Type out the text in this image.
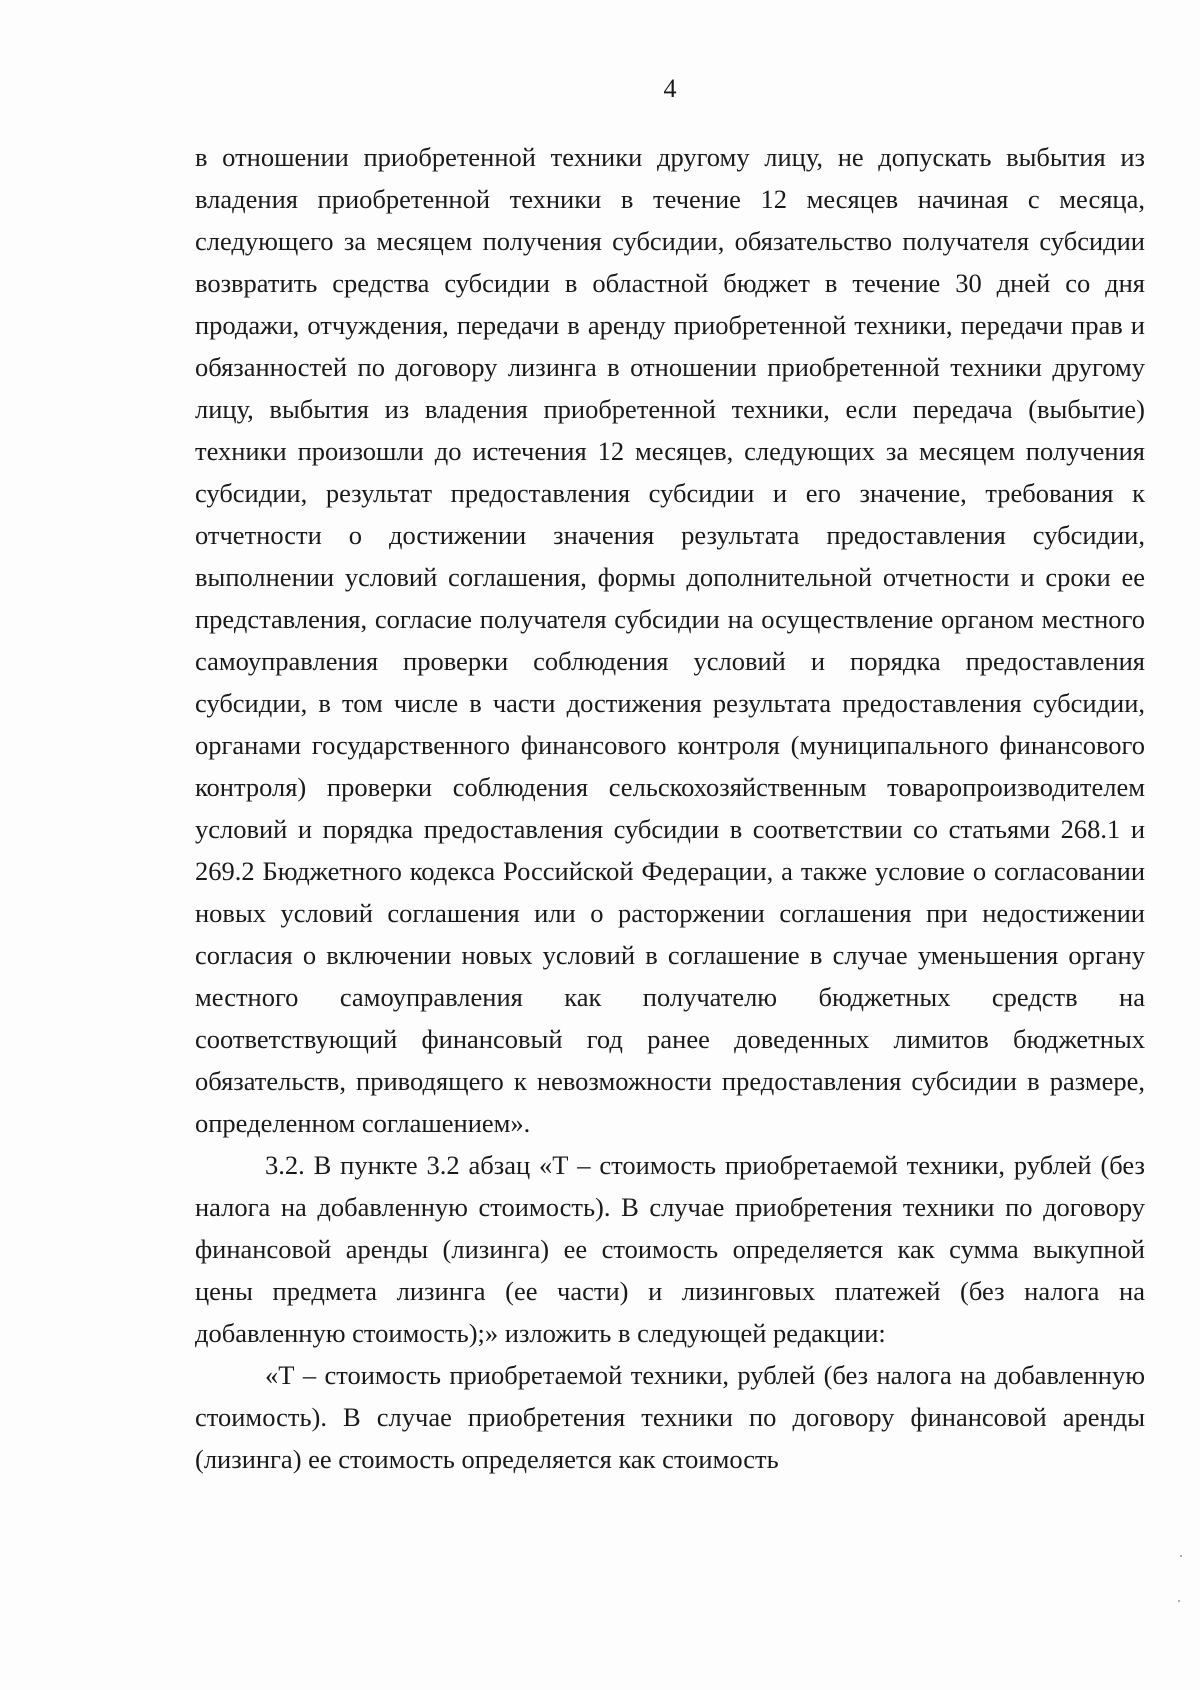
4

в отношении приобретенной техники другому лицу, не допускать выбытия из владения приобретенной техники в течение 12 месяцев начиная с месяца, следующего за месяцем получения субсидии, обязательство получателя субсидии возвратить средства субсидии в областной бюджет в течение 30 дней со дня продажи, отчуждения, передачи в аренду приобретенной техники, передачи прав и обязанностей по договору лизинга в отношении приобретенной техники другому лицу, выбытия из владения приобретенной техники, если передача (выбытие) техники произошли до истечения 12 месяцев, следующих за месяцем получения субсидии, результат предоставления субсидии и его значение, требования к отчетности о достижении значения результата предоставления субсидии, выполнении условий соглашения, формы дополнительной отчетности и сроки ее представления, согласие получателя субсидии на осуществление органом местного самоуправления проверки соблюдения условий и порядка предоставления субсидии, в том числе в части достижения результата предоставления субсидии, органами государственного финансового контроля (муниципального финансового контроля) проверки соблюдения сельскохозяйственным товаропроизводителем условий и порядка предоставления субсидии в соответствии со статьями 268.1 и 269.2 Бюджетного кодекса Российской Федерации, а также условие о согласовании новых условий соглашения или о расторжении соглашения при недостижении согласия о включении новых условий в соглашение в случае уменьшения органу местного самоуправления как получателю бюджетных средств на соответствующий финансовый год ранее доведенных лимитов бюджетных обязательств, приводящего к невозможности предоставления субсидии в размере, определенном соглашением».

3.2. В пункте 3.2 абзац «Т – стоимость приобретаемой техники, рублей (без налога на добавленную стоимость). В случае приобретения техники по договору финансовой аренды (лизинга) ее стоимость определяется как сумма выкупной цены предмета лизинга (ее части) и лизинговых платежей (без налога на добавленную стоимость);» изложить в следующей редакции:

«Т – стоимость приобретаемой техники, рублей (без налога на добавленную стоимость). В случае приобретения техники по договору финансовой аренды (лизинга) ее стоимость определяется как стоимость
